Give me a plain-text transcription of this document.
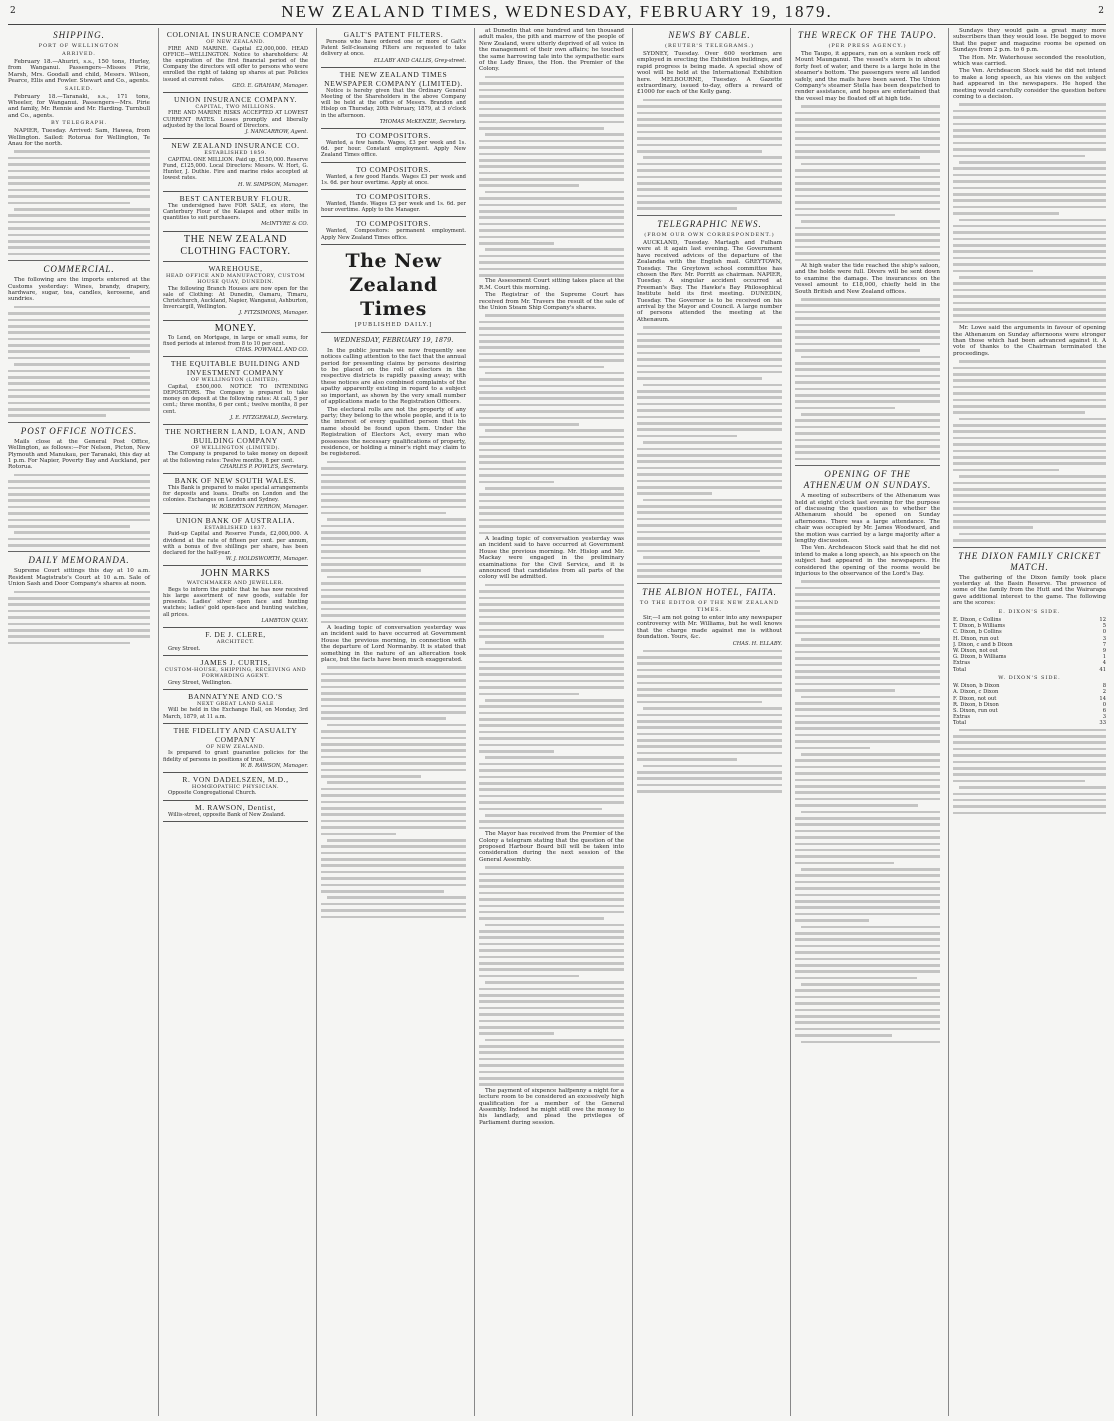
2	NEW ZEALAND TIMES, WEDNESDAY, FEBRUARY 19, 1879.	2
SHIPPING.
PORT OF WELLINGTON
ARRIVED.
February 18.—Ahuriri, s.s., 150 tons, Hurley, from Wanganui. Passengers—Misses Pirie, Marsh, Mrs. Goodall and child, Messrs. Wilson, Pearce, Ellis and Fowler. Stewart and Co., agents.
SAILED.
February 18.—Taranaki, s.s., 171 tons, Wheeler, for Wanganui. Passengers—Mrs. Pirie and family, Mr. Rennie and Mr. Harding. Turnbull and Co., agents.
BY TELEGRAPH.
NAPIER, Tuesday. Arrived: Sam, Hawea, from Wellington. Sailed: Rotorua for Wellington, Te Anau for the north.
COMMERCIAL.
The following are the imports entered at the Customs yesterday: Wines, brandy, drapery, hardware, sugar, tea, candles, kerosene, and sundries.
POST OFFICE NOTICES.
Mails close at the General Post Office, Wellington, as follows:—For Nelson, Picton, New Plymouth and Manukau, per Taranaki, this day at 1 p.m. For Napier, Poverty Bay and Auckland, per Rotorua.
DAILY MEMORANDA.
Supreme Court sittings this day at 10 a.m. Resident Magistrate's Court at 10 a.m. Sale of Union Sash and Door Company's shares at noon.
COLONIAL INSURANCE COMPANY
OF NEW ZEALAND.
FIRE AND MARINE. Capital £2,000,000. HEAD OFFICE—WELLINGTON. Notice to shareholders: At the expiration of the first financial period of the Company the directors will offer to persons who were enrolled the right of taking up shares at par. Policies issued at current rates.
GEO. E. GRAHAM, Manager.
UNION INSURANCE COMPANY.
CAPITAL, TWO MILLIONS.
FIRE AND MARINE RISKS ACCEPTED AT LOWEST CURRENT RATES. Losses promptly and liberally adjusted by the local Board of Directors.
J. NANCARROW, Agent.
NEW ZEALAND INSURANCE CO.
ESTABLISHED 1859.
CAPITAL ONE MILLION. Paid up, £150,000. Reserve Fund, £125,000. Local Directors: Messrs. W. Hort, G. Hunter, J. Duthie. Fire and marine risks accepted at lowest rates.
H. W. SIMPSON, Manager.
BEST CANTERBURY FLOUR.
The undersigned have FOR SALE, ex store, the Canterbury Flour of the Kaiapoi and other mills in quantities to suit purchasers.
McINTYRE & CO.
THE NEW ZEALAND CLOTHING FACTORY.
WAREHOUSE,
HEAD OFFICE AND MANUFACTORY, CUSTOM HOUSE QUAY, DUNEDIN.
The following Branch Houses are now open for the sale of Clothing: At Dunedin, Oamaru, Timaru, Christchurch, Auckland, Napier, Wanganui, Ashburton, Invercargill, Wellington.
J. FITZSIMONS, Manager.
MONEY.
To Lend, on Mortgage, in large or small sums, for fixed periods at interest from 8 to 10 per cent.
CHAS. POWNALL AND CO.
THE EQUITABLE BUILDING AND INVESTMENT COMPANY
OF WELLINGTON (LIMITED).
Capital, £500,000. NOTICE TO INTENDING DEPOSITORS. The Company is prepared to take money on deposit at the following rates: At call, 5 per cent.; three months, 6 per cent.; twelve months, 8 per cent.
J. E. FITZGERALD, Secretary.
THE NORTHERN LAND, LOAN, AND BUILDING COMPANY
OF WELLINGTON (LIMITED).
The Company is prepared to take money on deposit at the following rates: Twelve months, 8 per cent.
CHARLES P. POWLES, Secretary.
BANK OF NEW SOUTH WALES.
This Bank is prepared to make special arrangements for deposits and loans. Drafts on London and the colonies. Exchanges on London and Sydney.
W. ROBERTSON FERRON, Manager.
UNION BANK OF AUSTRALIA.
ESTABLISHED 1837.
Paid-up Capital and Reserve Funds, £2,000,000. A dividend at the rate of fifteen per cent. per annum, with a bonus of five shillings per share, has been declared for the half-year.
W. J. HOLDSWORTH, Manager.
JOHN MARKS
WATCHMAKER AND JEWELLER.
Begs to inform the public that he has now received his large assortment of new goods, suitable for presents. Ladies' silver open face and hunting watches; ladies' gold open-face and hunting watches, all prices.
LAMBTON QUAY.
F. DE J. CLERE,
ARCHITECT.
Grey Street.
JAMES J. CURTIS,
CUSTOM-HOUSE, SHIPPING, RECEIVING AND FORWARDING AGENT.
Grey Street, Wellington.
BANNATYNE AND CO.'S
NEXT GREAT LAND SALE
Will be held in the Exchange Hall, on Monday, 3rd March, 1879, at 11 a.m.
THE FIDELITY AND CASUALTY COMPANY
OF NEW ZEALAND.
Is prepared to grant guarantee policies for the fidelity of persons in positions of trust.
W. B. RAWSON, Manager.
R. VON DADELSZEN, M.D.,
HOMŒOPATHIC PHYSICIAN.
Opposite Congregational Church.
M. RAWSON, Dentist,
Willis-street, opposite Bank of New Zealand.
GALT'S PATENT FILTERS.
Persons who have ordered one or more of Galt's Patent Self-cleansing Filters are requested to take delivery at once.
ELLABY AND CALLIS, Grey-street.
THE NEW ZEALAND TIMES NEWSPAPER COMPANY (LIMITED).
Notice is hereby given that the Ordinary General Meeting of the Shareholders in the above Company will be held at the office of Messrs. Brandon and Hislop on Thursday, 20th February, 1879, at 3 o'clock in the afternoon.
THOMAS McKENZIE, Secretary.
TO COMPOSITORS.
Wanted, a few hands. Wages, £3 per week and 1s. 6d. per hour. Constant employment. Apply New Zealand Times office.
TO COMPOSITORS.
Wanted, a few good Hands. Wages £3 per week and 1s. 6d. per hour overtime. Apply at once.
TO COMPOSITORS.
Wanted, Hands. Wages £3 per week and 1s. 6d. per hour overtime. Apply to the Manager.
TO COMPOSITORS.
Wanted, Compositors: permanent employment. Apply New Zealand Times office.
The New Zealand Times
[PUBLISHED DAILY.]
WEDNESDAY, FEBRUARY 19, 1879.
In the public journals we now frequently see notices calling attention to the fact that the annual period for presenting claims by persons desiring to be placed on the roll of electors in the respective districts is rapidly passing away; with these notices are also combined complaints of the apathy apparently existing in regard to a subject so important, as shown by the very small number of applications made to the Registration Officers.
The electoral rolls are not the property of any party; they belong to the whole people, and it is to the interest of every qualified person that his name should be found upon them. Under the Registration of Electors Act, every man who possesses the necessary qualifications of property, residence, or holding a miner's right may claim to be registered.
A leading topic of conversation yesterday was an incident said to have occurred at Government House the previous morning, in connection with the departure of Lord Normanby. It is stated that something in the nature of an altercation took place, but the facts have been much exaggerated.
at Dunedin that one hundred and ten thousand adult males, the pith and marrow of the people of New Zealand, were utterly deprived of all voice in the management of their own affairs; he touched the same harrowing tale into the sympathetic ears of the Lady Brass, the Hon. the Premier of the Colony.
The Assessment Court sitting takes place at the R.M. Court this morning.
The Registrar of the Supreme Court has received from Mr. Travers the result of the sale of the Union Steam Ship Company's shares.
A leading topic of conversation yesterday was an incident said to have occurred at Government House the previous morning. Mr. Hislop and Mr. Mackay were engaged in the preliminary examinations for the Civil Service, and it is announced that candidates from all parts of the colony will be admitted.
The Mayor has received from the Premier of the Colony a telegram stating that the question of the proposed Harbour Board bill will be taken into consideration during the next session of the General Assembly.
The payment of sixpence halfpenny a night for a lecture room to be considered an excessively high qualification for a member of the General Assembly. Indeed he might still owe the money to his landlady, and plead the privileges of Parliament during session.
NEWS BY CABLE.
(REUTER'S TELEGRAMS.)
SYDNEY, Tuesday. Over 600 workmen are employed in erecting the Exhibition buildings, and rapid progress is being made. A special show of wool will be held at the International Exhibition here. MELBOURNE, Tuesday. A Gazette extraordinary, issued to-day, offers a reward of £1000 for each of the Kelly gang.
TELEGRAPHIC NEWS.
(FROM OUR OWN CORRESPONDENT.)
AUCKLAND, Tuesday. Martagh and Fulham were at it again last evening. The Government have received advices of the departure of the Zealandia with the English mail. GREYTOWN, Tuesday. The Greytown school committee has chosen the Rev. Mr. Porritt as chairman. NAPIER, Tuesday. A singular accident occurred at Freeman's Bay. The Hawke's Bay Philosophical Institute held its first meeting. DUNEDIN, Tuesday. The Governor is to be received on his arrival by the Mayor and Council. A large number of persons attended the meeting at the Athenæum.
THE ALBION HOTEL, FAITA.
TO THE EDITOR OF THE NEW ZEALAND TIMES.
Sir,—I am not going to enter into any newspaper controversy with Mr. Williams, but he well knows that the charge made against me is without foundation. Yours, &c.
CHAS. H. ELLABY.
THE WRECK OF THE TAUPO.
(PER PRESS AGENCY.)
The Taupo, it appears, ran on a sunken rock off Mount Maunganui. The vessel's stern is in about forty feet of water, and there is a large hole in the steamer's bottom. The passengers were all landed safely, and the mails have been saved. The Union Company's steamer Stella has been despatched to render assistance, and hopes are entertained that the vessel may be floated off at high tide.
At high water the tide reached the ship's saloon, and the holds were full. Divers will be sent down to examine the damage. The insurances on the vessel amount to £18,000, chiefly held in the South British and New Zealand offices.
OPENING OF THE ATHENÆUM ON SUNDAYS.
A meeting of subscribers of the Athenæum was held at eight o'clock last evening for the purpose of discussing the question as to whether the Athenæum should be opened on Sunday afternoons. There was a large attendance. The chair was occupied by Mr. James Woodward, and the motion was carried by a large majority after a lengthy discussion.
The Ven. Archdeacon Stock said that he did not intend to make a long speech, as his speech on the subject had appeared in the newspapers. He considered the opening of the rooms would be injurious to the observance of the Lord's Day.
Sundays they would gain a great many more subscribers than they would lose. He begged to move that the paper and magazine rooms be opened on Sundays from 2 p.m. to 6 p.m.
The Hon. Mr. Waterhouse seconded the resolution, which was carried.
The Ven. Archdeacon Stock said he did not intend to make a long speech, as his views on the subject had appeared in the newspapers. He hoped the meeting would carefully consider the question before coming to a decision.
Mr. Lowe said the arguments in favour of opening the Athenæum on Sunday afternoons were stronger than those which had been advanced against it. A vote of thanks to the Chairman terminated the proceedings.
THE DIXON FAMILY CRICKET MATCH.
The gathering of the Dixon family took place yesterday at the Basin Reserve. The presence of some of the family from the Hutt and the Wairarapa gave additional interest to the game. The following are the scores:
E. DIXON'S SIDE.
E. Dixon, c Collins	12
T. Dixon, b Williams	5
C. Dixon, b Collins	0
H. Dixon, run out	3
J. Dixon, c and b Dixon	7
W. Dixon, not out	9
G. Dixon, b Williams	1
Extras	4
Total	41
W. DIXON'S SIDE.
W. Dixon, b Dixon	8
A. Dixon, c Dixon	2
F. Dixon, not out	14
R. Dixon, b Dixon	0
S. Dixon, run out	6
Extras	3
Total	33
